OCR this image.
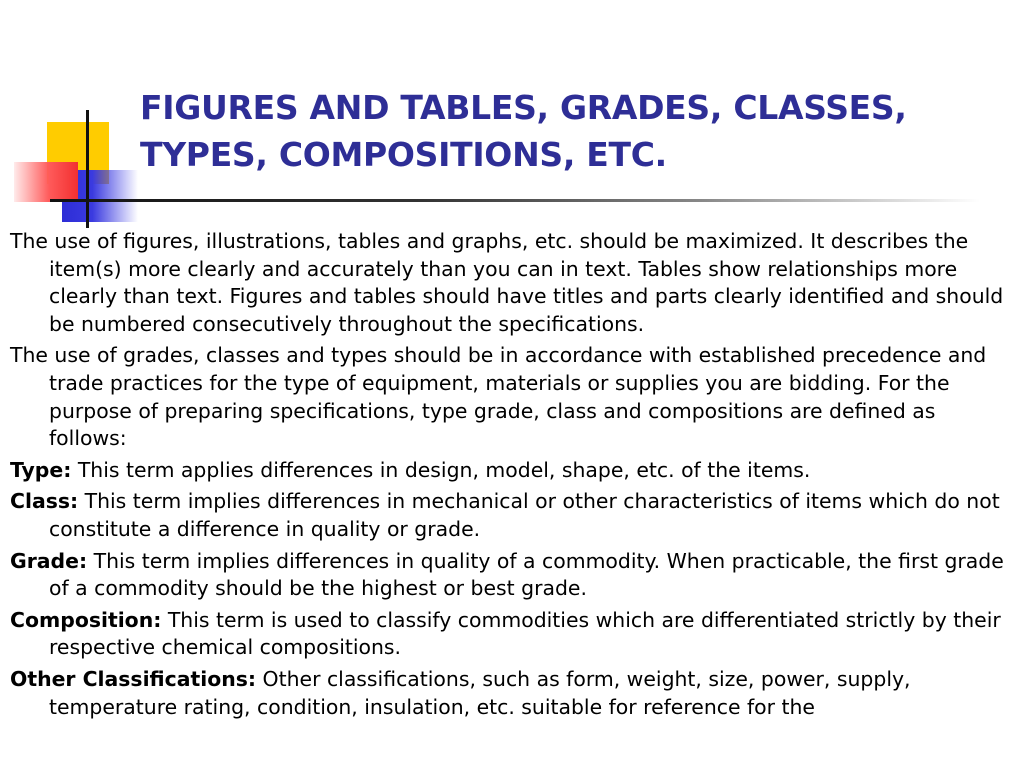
FIGURES AND TABLES, GRADES, CLASSES,
TYPES, COMPOSITIONS, ETC.
The use of figures, illustrations, tables and graphs, etc. should be maximized. It describes the item(s) more clearly and accurately than you can in text. Tables show relationships more clearly than text. Figures and tables should have titles and parts clearly identified and should be numbered consecutively throughout the specifications.
The use of grades, classes and types should be in accordance with established precedence and trade practices for the type of equipment, materials or supplies you are bidding. For the purpose of preparing specifications, type grade, class and compositions are defined as follows:
Type: This term applies differences in design, model, shape, etc. of the items.
Class: This term implies differences in mechanical or other characteristics of items which do not constitute a difference in quality or grade.
Grade: This term implies differences in quality of a commodity. When practicable, the first grade of a commodity should be the highest or best grade.
Composition: This term is used to classify commodities which are differentiated strictly by their respective chemical compositions.
Other Classifications: Other classifications, such as form, weight, size, power, supply, temperature rating, condition, insulation, etc. suitable for reference for the
